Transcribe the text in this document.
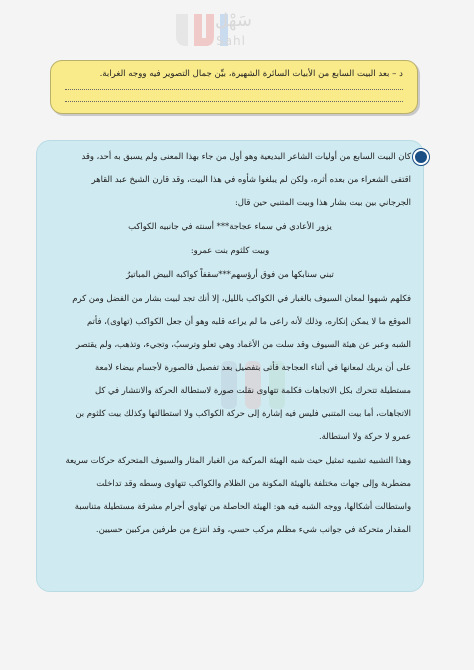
سَهْل
Sahl
د – بعد البيت السابع من الأبيات السائرة الشهيرة، بيِّن جمال التصوير فيه ووجه الغرابة.

كان البيت السابع من أوليات الشاعر البديعية وهو أول من جاء بهذا المعنى ولم يسبق به أحد، وقد

اقتفى الشعراء من بعده أثره، ولكن لم يبلغوا شأوه في هذا البيت، وقد قارن الشيخ عبد القاهر

الجرجاني بين بيت بشار هذا وبيت المتنبي حين قال:

يزور الأعادي في سماء عجاجة*** أسنته في جانبيه الكواكب

وبيت كلثوم بنت عمرو:

تبني سنابكها من فوق أرؤسهم***سقفاً كواكبه البيض المباتيرُ

فكلهم شبهوا لمعان السيوف بالغبار في الكواكب بالليل، إلا أنك تجد لبيت بشار من الفضل ومن كرم

الموقع ما لا يمكن إنكاره، وذلك لأنه راعى ما لم يراعه قلبه وهو أن جعل الكواكب (تهاوى)، فأتم

الشبه وعبر عن هيئة السيوف وقد سلت من الأغماد وهي تعلو وترسبُ، وتجيء، وتذهب، ولم يقتصر

على أن يريك لمعانها في أثناء العجاجة فأتى بتفصيل بعد تفصيل فالصورة لأجسام بيضاء لامعة

مستطيلة تتحرك بكل الاتجاهات فكلمة تتهاوى نقلت صورة لاستطالة الحركة والانتشار في كل

الاتجاهات، أما بيت المتنبي فليس فيه إشارة إلى حركة الكواكب ولا استطالتها وكذلك بيت كلثوم بن

عمرو لا حركة ولا استطالة.

وهذا التشبيه تشبيه تمثيل حيث شبه الهيئة المركبة من الغبار المثار والسيوف المتحركة حركات سريعة

مضطربة وإلى جهات مختلفة بالهيئة المكونة من الظلام والكواكب تتهاوى وسطه وقد تداخلت

واستطالت أشكالها، ووجه الشبه فيه هو: الهيئة الحاصلة من تهاوي أجرام مشرقة مستطيلة متناسبة

المقدار متحركة في جوانب شيء مظلم مركب حسي، وقد انتزع من طرفين مركبين حسيين.
